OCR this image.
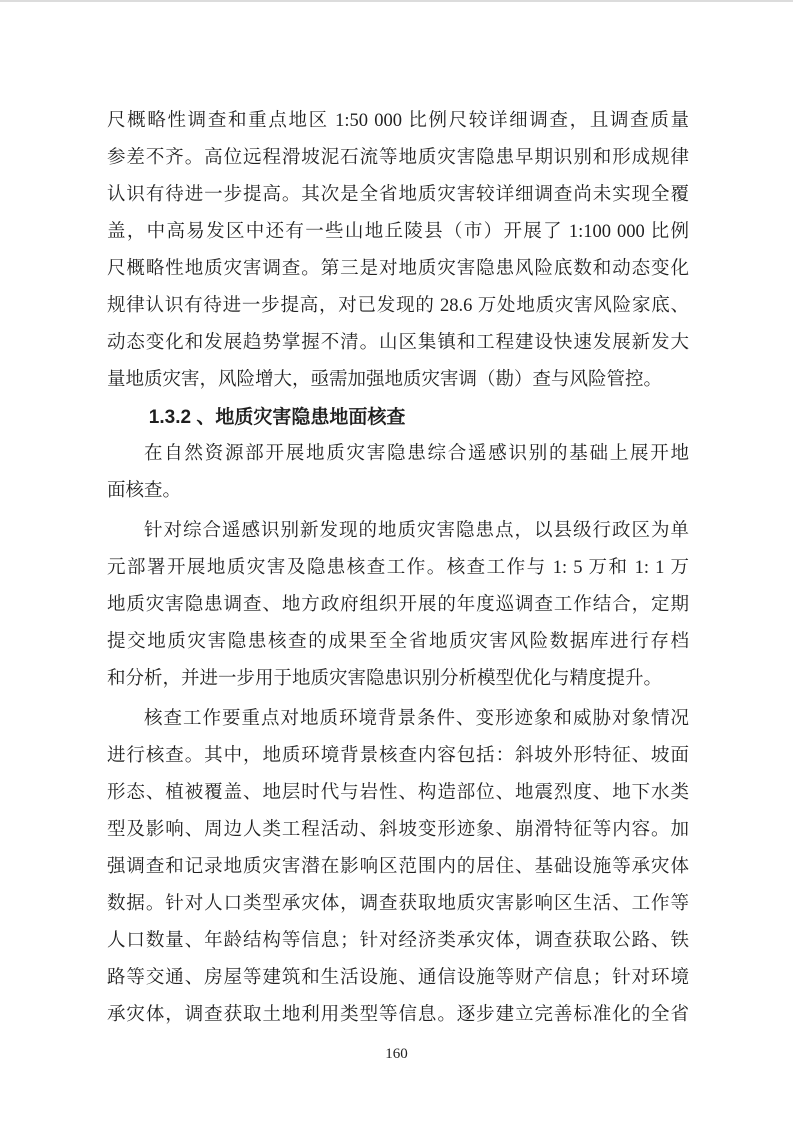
尺概略性调查和重点地区 1:50 000 比例尺较详细调查，且调查质量
参差不齐。高位远程滑坡泥石流等地质灾害隐患早期识别和形成规律
认识有待进一步提高。其次是全省地质灾害较详细调查尚未实现全覆
盖，中高易发区中还有一些山地丘陵县（市）开展了 1:100 000 比例
尺概略性地质灾害调查。第三是对地质灾害隐患风险底数和动态变化
规律认识有待进一步提高，对已发现的 28.6 万处地质灾害风险家底、
动态变化和发展趋势掌握不清。山区集镇和工程建设快速发展新发大
量地质灾害，风险增大，亟需加强地质灾害调（勘）查与风险管控。

1.3.2 、地质灾害隐患地面核查

在自然资源部开展地质灾害隐患综合遥感识别的基础上展开地
面核查。

针对综合遥感识别新发现的地质灾害隐患点，以县级行政区为单
元部署开展地质灾害及隐患核查工作。核查工作与 1: 5 万和 1: 1 万
地质灾害隐患调查、地方政府组织开展的年度巡调查工作结合，定期
提交地质灾害隐患核查的成果至全省地质灾害风险数据库进行存档
和分析，并进一步用于地质灾害隐患识别分析模型优化与精度提升。

核查工作要重点对地质环境背景条件、变形迹象和威胁对象情况
进行核查。其中，地质环境背景核查内容包括：斜坡外形特征、坡面
形态、植被覆盖、地层时代与岩性、构造部位、地震烈度、地下水类
型及影响、周边人类工程活动、斜坡变形迹象、崩滑特征等内容。加
强调查和记录地质灾害潜在影响区范围内的居住、基础设施等承灾体
数据。针对人口类型承灾体，调查获取地质灾害影响区生活、工作等
人口数量、年龄结构等信息；针对经济类承灾体，调查获取公路、铁
路等交通、房屋等建筑和生活设施、通信设施等财产信息；针对环境
承灾体，调查获取土地利用类型等信息。逐步建立完善标准化的全省

160
